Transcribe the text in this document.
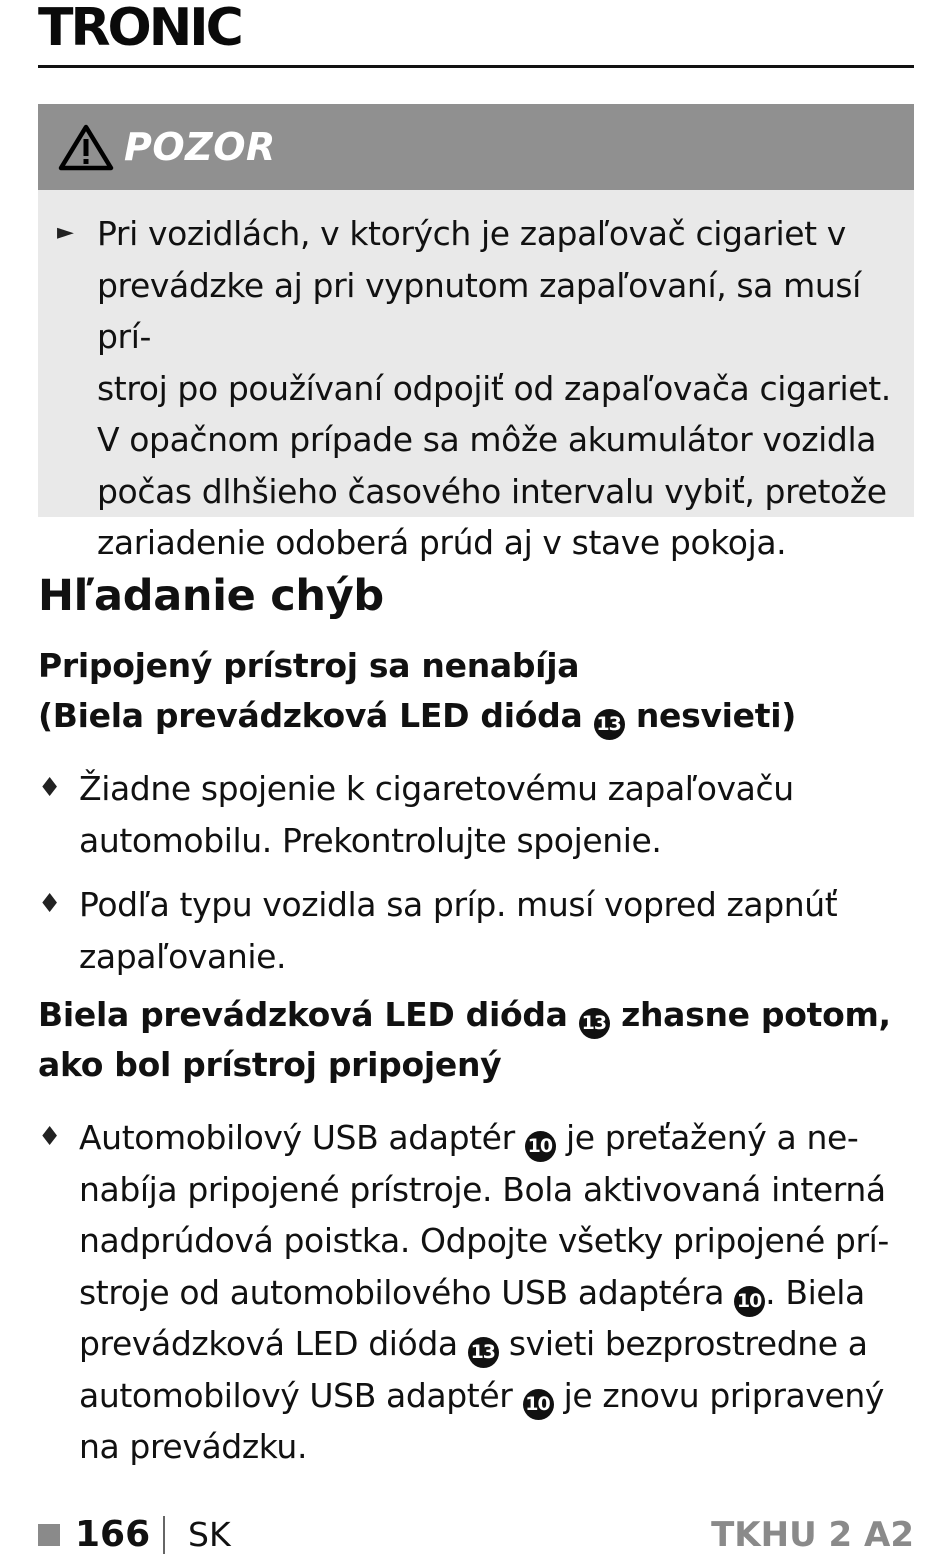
TRONIC
POZOR
► Pri vozidlách, v ktorých je zapaľovač cigariet v
prevádzke aj pri vypnutom zapaľovaní, sa musí prí-
stroj po používaní odpojiť od zapaľovača cigariet.
V opačnom prípade sa môže akumulátor vozidla
počas dlhšieho časového intervalu vybiť, pretože
zariadenie odoberá prúd aj v stave pokoja.
Hľadanie chýb
Pripojený prístroj sa nenabíja
(Biela prevádzková LED dióda 13 nesvieti)
♦ Žiadne spojenie k cigaretovému zapaľovaču
automobilu. Prekontrolujte spojenie.
♦ Podľa typu vozidla sa príp. musí vopred zapnúť
zapaľovanie.
Biela prevádzková LED dióda 13 zhasne potom,
ako bol prístroj pripojený
♦ Automobilový USB adaptér 10 je preťažený a ne-
nabíja pripojené prístroje. Bola aktivovaná interná
nadprúdová poistka. Odpojte všetky pripojené prí-
stroje od automobilového USB adaptéra 10 . Biela
prevádzková LED dióda 13 svieti bezprostredne a
automobilový USB adaptér 10 je znovu pripravený
na prevádzku.
166 SK	TKHU 2 A2
